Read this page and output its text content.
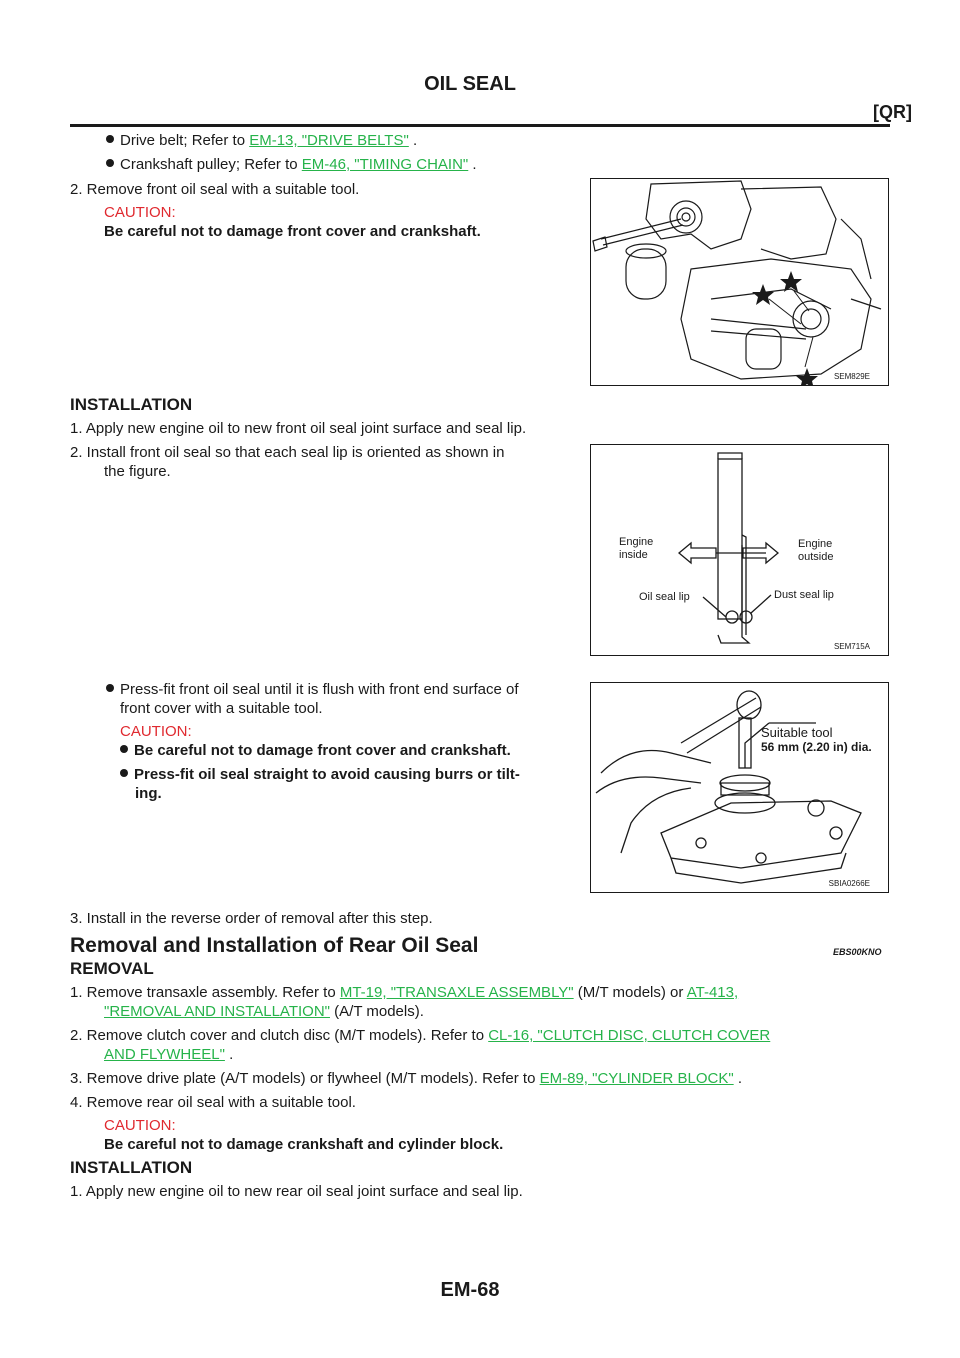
OIL SEAL
[QR]
Drive belt; Refer to EM-13, "DRIVE BELTS" .
Crankshaft pulley; Refer to EM-46, "TIMING CHAIN" .
2. Remove front oil seal with a suitable tool.
CAUTION:
Be careful not to damage front cover and crankshaft.
SEM829E
INSTALLATION
1. Apply new engine oil to new front oil seal joint surface and seal lip.
2. Install front oil seal so that each seal lip is oriented as shown in
the figure.
Engine
inside
Engine
outside
Oil seal lip	Dust seal lip
SEM715A
Press-fit front oil seal until it is flush with front end surface of
front cover with a suitable tool.
CAUTION:
Be careful not to damage front cover and crankshaft.
Press-fit oil seal straight to avoid causing burrs or tilt-
ing.
Suitable tool
56 mm (2.20 in) dia.
SBIA0266E
3. Install in the reverse order of removal after this step.
Removal and Installation of Rear Oil Seal	EBS00KNO
REMOVAL
1. Remove transaxle assembly. Refer to MT-19, "TRANSAXLE ASSEMBLY" (M/T models) or AT-413,
"REMOVAL AND INSTALLATION" (A/T models).
2. Remove clutch cover and clutch disc (M/T models). Refer to CL-16, "CLUTCH DISC, CLUTCH COVER
AND FLYWHEEL" .
3. Remove drive plate (A/T models) or flywheel (M/T models). Refer to EM-89, "CYLINDER BLOCK" .
4. Remove rear oil seal with a suitable tool.
CAUTION:
Be careful not to damage crankshaft and cylinder block.
INSTALLATION
1. Apply new engine oil to new rear oil seal joint surface and seal lip.
EM-68
